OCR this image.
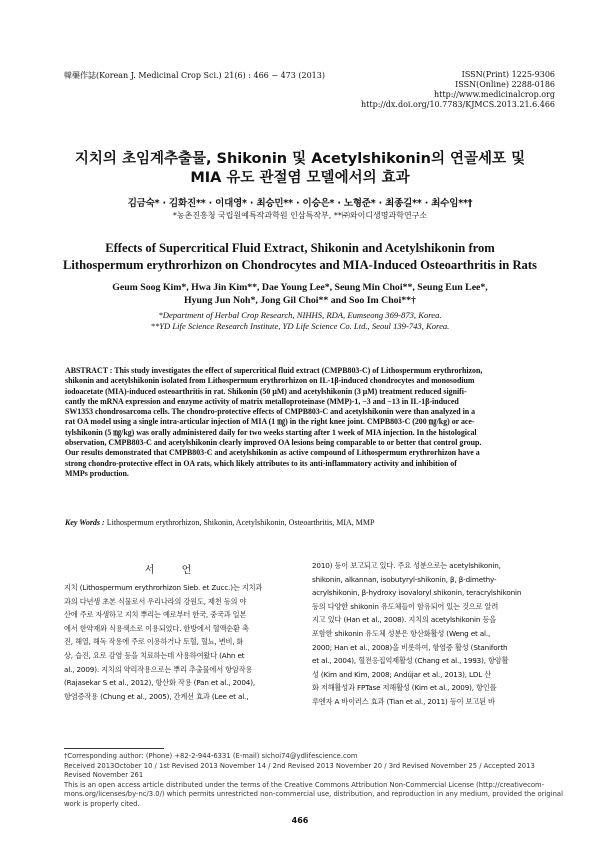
韓藥作誌(Korean J. Medicinal Crop Sci.) 21(6) : 466 − 473 (2013)	ISSN(Print) 1225-9306
ISSN(Online) 2288-0186
http://www.medicinalcrop.org
http://dx.doi.org/10.7783/KJMCS.2013.21.6.466
지치의 초임계추출물, Shikonin 및 Acetylshikonin의 연골세포 및
MIA 유도 관절염 모델에서의 효과
김금숙* · 김화진** · 이대영* · 최승민** · 이승은* · 노형준* · 최종길** · 최수임**†
*농촌진흥청 국립원예특작과학원 인삼특작부, **㈜와이디생명과학연구소
Effects of Supercritical Fluid Extract, Shikonin and Acetylshikonin from
Lithospermum erythrorhizon on Chondrocytes and MIA-Induced Osteoarthritis in Rats
Geum Soog Kim*, Hwa Jin Kim**, Dae Young Lee*, Seung Min Choi**, Seung Eun Lee*,
Hyung Jun Noh*, Jong Gil Choi** and Soo Im Choi**†
*Department of Herbal Crop Research, NIHHS, RDA, Eumseong 369-873, Korea.
**YD Life Science Research Institute, YD Life Science Co. Ltd., Seoul 139-743, Korea.
ABSTRACT : This study investigates the effect of supercritical fluid extract (CMPB803-C) of Lithospermum erythrorhizon,
shikonin and acetylshikonin isolated from Lithospermum erythrorhizon on IL-1β-induced chondrocytes and monosodium
iodoacetate (MIA)-induced osteoarthritis in rat. Shikonin (50 μM) and acetylshikonin (3 μM) treatment reduced signifi-
cantly the mRNA expression and enzyme activity of matrix metalloproteinase (MMP)-1, −3 and −13 in IL-1β-induced
SW1353 chondrosarcoma cells. The chondro-protective effects of CMPB803-C and acetylshikonin were than analyzed in a
rat OA model using a single intra-articular injection of MIA (1 ㎎) in the right knee joint. CMPB803-C (200 ㎎/kg) or ace-
tylshikonin (5 ㎎/kg) was orally administered daily for two weeks starting after 1 week of MIA injection. In the histological
observation, CMPB803-C and acetylshikonin clearly improved OA lesions being comparable to or better that control group.
Our results demonstrated that CMPB803-C and acetylshikonin as active compound of Lithospermum erythrorhizon have a
strong chondro-protective effect in OA rats, which likely attributes to its anti-inflammatory activity and inhibition of
MMPs production.
Key Words : Lithospermum erythrorhizon, Shikonin, Acetylshikonin, Osteoarthritis, MIA, MMP
서 언
지치 (Lithospermum erythrorhizon Sieb. et Zucc.)는 지치과
과의 다년생 초본 식물로서 우리나라의 강원도, 제천 등의 야
산에 주로 자생하고 지치 뿌리는 예로부터 한국, 중국과 일본
에서 한약재와 식용색소로 이용되었다. 한방에서 혈액순환 촉
진, 해열, 해독 작용에 주로 이용하거나 토혈, 혈뇨, 변비, 화
상, 습진, 요로 감염 등을 치료하는데 사용하여왔다 (Ahn et
al., 2009). 지치의 약리작용으로는 뿌리 추출물에서 항암작용
(Rajasekar S et al., 2012), 항산화 작용 (Pan et al., 2004),
항염증작용 (Chung et al., 2005), 간계선 효과 (Lee et al.,
2010) 등이 보고되고 있다. 주요 성분으로는 acetylshikonin,
shikonin, alkannan, isobutyryl-shikonin, β, β-dimethy-
acrylshikonin, β-hydroxy isovaloryl shikonin, teracrylshikonin
등의 다양한 shikonin 유도체들이 함유되어 있는 것으로 알려
지고 있다 (Han et al., 2008). 지치의 acetylshikonin 등을
포함한 shikonin 유도체 성분은 항산화활성 (Weng et al.,
2000; Han et al., 2008)을 비롯하여, 항염증 활성 (Staniforth
et al., 2004), 혈전응집억제활성 (Chang et al., 1993), 항암활
성 (Kim and Kim, 2008; Andújar et al., 2013), LDL 산
화 저해활성과 FPTase 저해활성 (Kim et al., 2009), 항인플
루엔자 A 바이러스 효과 (Tian et al., 2011) 등이 보고된 바
†Corresponding author: (Phone) +82-2-944-6331 (E-mail) sichoi74@ydlifescience.com
Received 2013October 10 / 1st Revised 2013 November 14 / 2nd Revised 2013 November 20 / 3rd Revised November 25 / Accepted 2013
Revised November 261
This is an open access article distributed under the terms of the Creative Commons Attribution Non-Commercial License (http://creativecom-
mons.org/licenses/by-nc/3.0/) which permits unrestricted non-commercial use, distribution, and reproduction in any medium, provided the original
work is properly cited.
466
